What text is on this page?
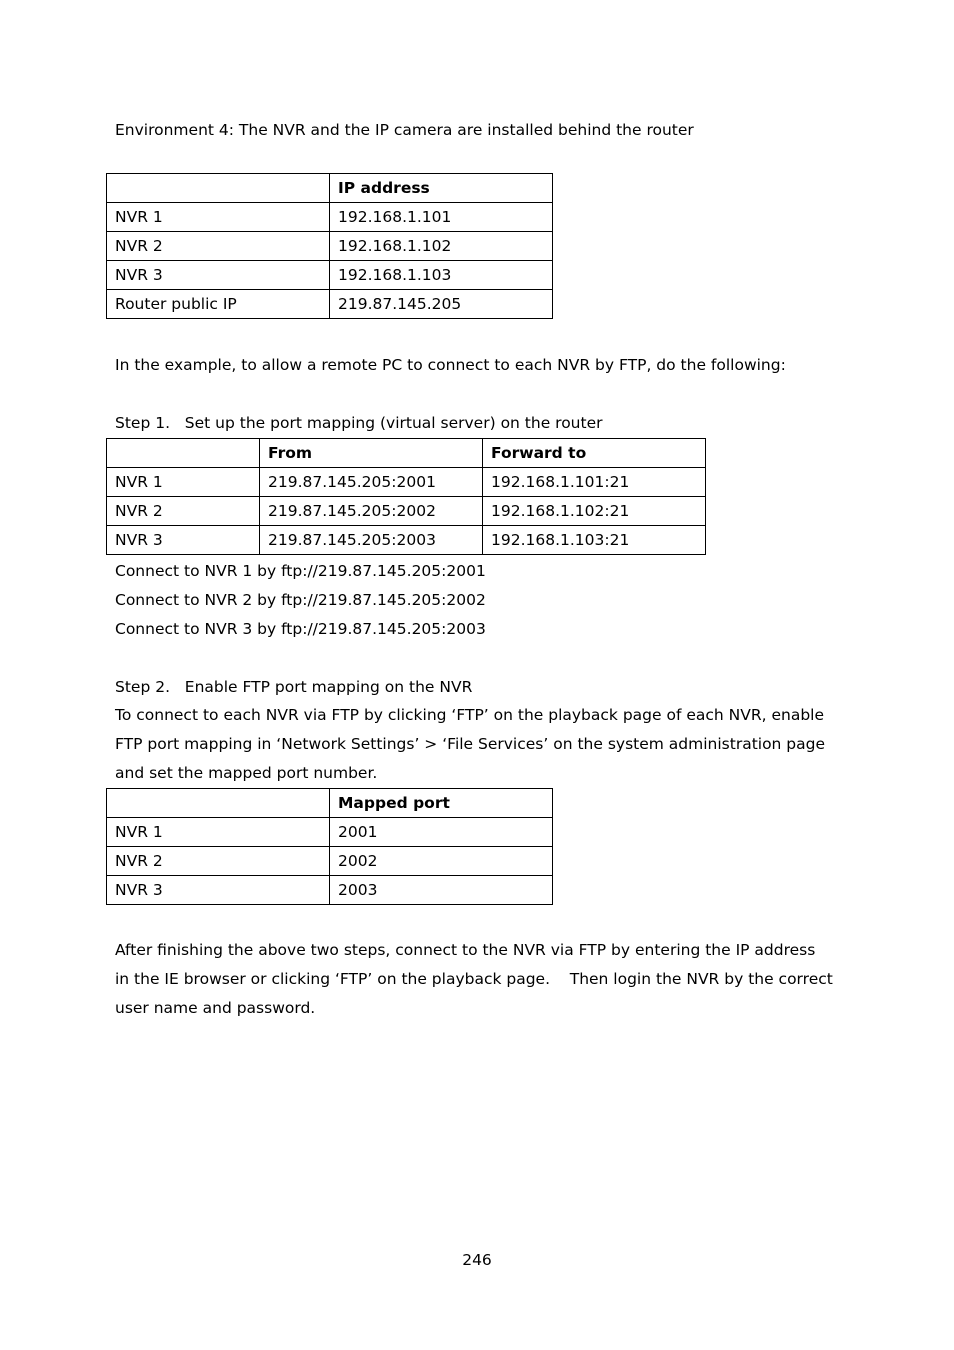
Environment 4: The NVR and the IP camera are installed behind the router
	IP address
NVR 1	192.168.1.101
NVR 2	192.168.1.102
NVR 3	192.168.1.103
Router public IP	219.87.145.205
In the example, to allow a remote PC to connect to each NVR by FTP, do the following:
Step 1.   Set up the port mapping (virtual server) on the router
	From	Forward to
NVR 1	219.87.145.205:2001	192.168.1.101:21
NVR 2	219.87.145.205:2002	192.168.1.102:21
NVR 3	219.87.145.205:2003	192.168.1.103:21
Connect to NVR 1 by ftp://219.87.145.205:2001
Connect to NVR 2 by ftp://219.87.145.205:2002
Connect to NVR 3 by ftp://219.87.145.205:2003
Step 2.   Enable FTP port mapping on the NVR
To connect to each NVR via FTP by clicking ‘FTP’ on the playback page of each NVR, enable
FTP port mapping in ‘Network Settings’ > ‘File Services’ on the system administration page
and set the mapped port number.
	Mapped port
NVR 1	2001
NVR 2	2002
NVR 3	2003
After finishing the above two steps, connect to the NVR via FTP by entering the IP address
in the IE browser or clicking ‘FTP’ on the playback page.    Then login the NVR by the correct
user name and password.
246
